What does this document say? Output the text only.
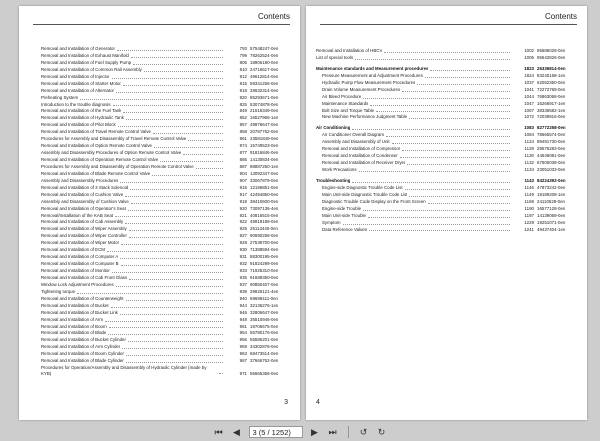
Contents
Removal and Installation of Generator	793 57548247-0en
Removal and Installation of Exhaust Manifold	799 78262524-0en
Removal and Installation of Fuel Supply Pump	805 18906180-0en
Removal and Installation of Common Rail Assembly	810 24716617-0en
Removal and Installation of Injector	812 49612814-0en
Removal and Installation of Starter Motor	815 59341256-0en
Removal and Installation of Alternator	818 28632314-0en
Preheating System	820 85293671-0en
Introduction to the trouble diagnosis	825 53074878-0en
Removal and Installation of the Fuel Tank	849 21516349-0en
Removal and Installation of Hydraulic Tank	852 16527965-1en
Removal and Installation of Pilot Block	857 49976647-0en
Removal and Installation of Travel Remote Control Valve	858 20787762-0en
Procedures for Assembly and Disassembly of Travel Remote Control Valve	861 23581849-0en
Removal and Installation of Option Remote Control Valve	874 15749523-0en
Assembly and Disassembly Procedures of Option Remote Control Valve	877 91816846-0en
Removal and Installation of Operation Remote Control Valve	885 14130834-0en
Procedures for Assembly and Disassembly of Operation Remote Control Valve	887 88887250-1en
Removal and Installation of Blade Remote Control Valve	904 13092347-0en
Assembly and Disassembly Procedures	907 33067879-0en
Removal and Installation of 3 Stack Solenoid	915 12196851-0en
Removal and Installation of Cushion Valve	917 42494860-0en
Assembly and Disassembly of Cushion Valve	919 38410600-0en
Removal and Installation of Operator's Seat	920 73097136-4en
Removal/Installation of the KAB Seat	921 40816515-0en
Removal and Installation of Cab Assembly	922 49919189-0en
Removal and Installation of Wiper Assembly	925 25113440-0en
Removal and Installation of Wiper Controller	927 90690258-0en
Removal and Installation of Wiper Motor	928 27539700-0en
Removal and Installation of ECM	930 71388594-0en
Removal and Installation of Computer A	931 88300195-0en
Removal and Installation of Computer B	932 91824299-0en
Removal and Installation of Monitor	933 71925310-0en
Removal and Installation of Cab Front Glass	935 91688360-0en
Window Lock Adjustment Procedures	937 90850407-0en
Tightening torque	939 29826121-4en
Removal and Installation of Counterweight	940 69699411-0en
Removal and Installation of Bucket	944 32136276-1en
Removal and Installation of Bucket Link	946 32806647-0en
Removal and Installation of Arm	948 35510946-0en
Removal and Installation of Boom	951 19706675-0en
Removal and Installation of Blade	954 55780176-0en
Removal and Installation of Bucket Cylinder	956 55586201-0en
Removal and Installation of Arm Cylinder	959 34302878-0en
Removal and Installation of Boom Cylinder	963 68473514-0en
Removal and Installation of Blade Cylinder	967 37666762-0en
Procedures for Operation/Assembly and Disassembly of Hydraulic Cylinder (made by KYB)	971 55665366-0en
3
Contents
Removal and Installation of HBCV	1002 95686028-0en
List of special tools	1006 95642826-0en
Maintenance standards and Measurement procedures	1823 26336814-0en
Pressure Measurement and Adjustment Procedures	1824 83240168-1en
Hydraulic Pump Flow Measurement Procedures	1037 62052350-0en
Drain Volume Measurement Procedures	1041 72272769-0en
Air Bleed Procedure	1044 76863068-0en
Maintenance Standards	1047 16266917-1en
Bolt Size and Torque Table	1067 38336582-1en
New Machine Performance Judgment Table	1072 72039916-0en
Air Conditioning	1083 82772258-0en
Air Conditioner Overall Diagram	1084 78665574-0en
Assembly and Disassembly of Unit	1124 89491730-0en
Removal and Installation of Compressor	1129 29576283-0en
Removal and Installation of Condenser	1130 44549081-0en
Removal and Installation of Receiver Dryer	1132 67605038-0en
Work Precautions	1134 23051033-0en
Troubleshooting	1143 84224392-0en
Engine-side Diagnostic Trouble Code List	1146 47873242-0en
Main Unit-side Diagnostic Trouble Code List	1149 19189208-1en
Diagnostic Trouble Code Display on the Front Screen	1169 24110629-0en
Engine-side Trouble	1190 16577128-0en
Main Unit-side Trouble	1197 14139069-0en
Symptom	1229 19251071-0en
Data Reference Values	1241 49437404-1en
4
⏮ ◀	3 (5 / 1252)	▶ ⏭	↺ ↻
